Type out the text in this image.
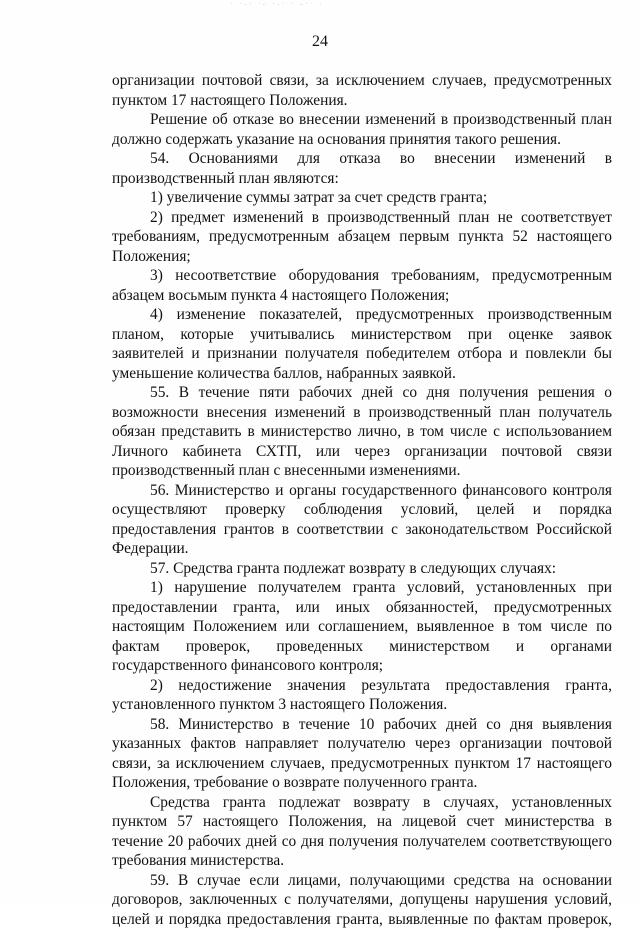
· ·.· ·‥ ·.· · ‥·· .
24

организации почтовой связи, за исключением случаев, предусмотренных пунктом 17 настоящего Положения.

Решение об отказе во внесении изменений в производственный план должно содержать указание на основания принятия такого решения.

54. Основаниями для отказа во внесении изменений в производственный план являются:

1) увеличение суммы затрат за счет средств гранта;

2) предмет изменений в производственный план не соответствует требованиям, предусмотренным абзацем первым пункта 52 настоящего Положения;

3) несоответствие оборудования требованиям, предусмотренным абзацем восьмым пункта 4 настоящего Положения;

4) изменение показателей, предусмотренных производственным планом, которые учитывались министерством при оценке заявок заявителей и признании получателя победителем отбора и повлекли бы уменьшение количества баллов, набранных заявкой.

55. В течение пяти рабочих дней со дня получения решения о возможности внесения изменений в производственный план получатель обязан представить в министерство лично, в том числе с использованием Личного кабинета СХТП, или через организации почтовой связи производственный план с внесенными изменениями.

56. Министерство и органы государственного финансового контроля осуществляют проверку соблюдения условий, целей и порядка предоставления грантов в соответствии с законодательством Российской Федерации.

57. Средства гранта подлежат возврату в следующих случаях:

1) нарушение получателем гранта условий, установленных при предоставлении гранта, или иных обязанностей, предусмотренных настоящим Положением или соглашением, выявленное в том числе по фактам проверок, проведенных министерством и органами государственного финансового контроля;

2) недостижение значения результата предоставления гранта, установленного пунктом 3 настоящего Положения.

58. Министерство в течение 10 рабочих дней со дня выявления указанных фактов направляет получателю через организации почтовой связи, за исключением случаев, предусмотренных пунктом 17 настоящего Положения, требование о возврате полученного гранта.

Средства гранта подлежат возврату в случаях, установленных пунктом 57 настоящего Положения, на лицевой счет министерства в течение 20 рабочих дней со дня получения получателем соответствующего требования министерства.

59. В случае если лицами, получающими средства на основании договоров, заключенных с получателями, допущены нарушения условий, целей и порядка предоставления гранта, выявленные по фактам проверок,
